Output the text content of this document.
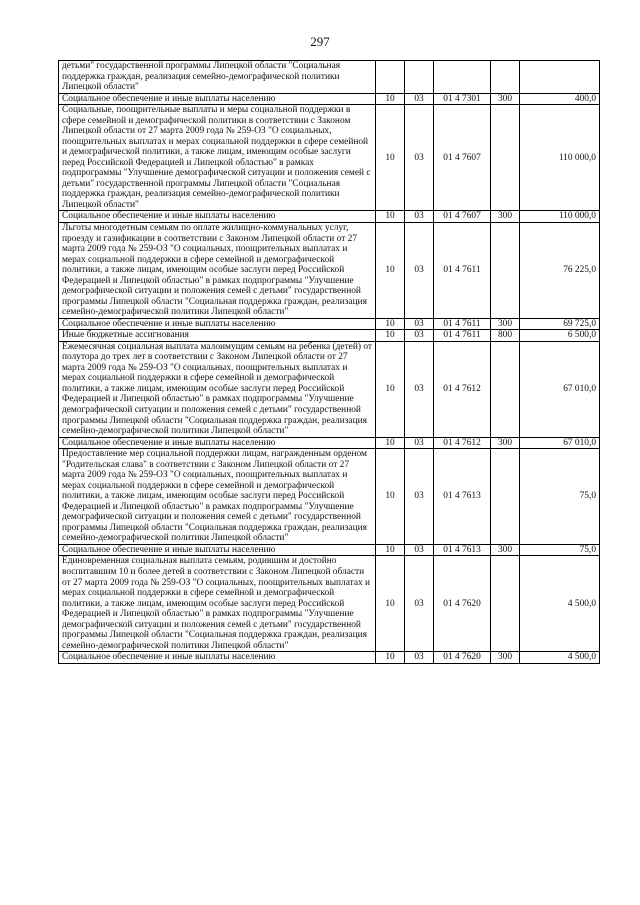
297
детьми" государственной программы Липецкой области "Социальная поддержка граждан, реализация семейно-демографической политики Липецкой области"					
Социальное обеспечение и иные выплаты населению	10	03	01 4 7301	300	400,0
Социальные, поощрительные выплаты и меры социальной поддержки в сфере семейной и демографической политики в соответствии с Законом Липецкой области от 27 марта 2009 года № 259-ОЗ "О социальных, поощрительных выплатах и мерах социальной поддержки в сфере семейной и демографической политики, а также лицам, имеющим особые заслуги перед Российской Федерацией и Липецкой областью" в рамках подпрограммы "Улучшение демографической ситуации и положения семей с детьми" государственной программы Липецкой области "Социальная поддержка граждан, реализация семейно-демографической политики Липецкой области"	10	03	01 4 7607		110 000,0
Социальное обеспечение и иные выплаты населению	10	03	01 4 7607	300	110 000,0
Льготы многодетным семьям по оплате жилищно-коммунальных услуг, проезду и газификации в соответствии с Законом Липецкой области от 27 марта 2009 года № 259-ОЗ "О социальных, поощрительных выплатах и мерах социальной поддержки в сфере семейной и демографической политики, а также лицам, имеющим особые заслуги перед Российской Федерацией и Липецкой областью" в рамках подпрограммы "Улучшение демографической ситуации и положения семей с детьми" государственной программы Липецкой области "Социальная поддержка граждан, реализация семейно-демографической политики Липецкой области"	10	03	01 4 7611		76 225,0
Социальное обеспечение и иные выплаты населению	10	03	01 4 7611	300	69 725,0
Иные бюджетные ассигнования	10	03	01 4 7611	800	6 500,0
Ежемесячная социальная выплата малоимущим семьям на ребенка (детей) от полутора до трех лет в соответствии с Законом Липецкой области от 27 марта 2009 года № 259-ОЗ "О социальных, поощрительных выплатах и мерах социальной поддержки в сфере семейной и демографической политики, а также лицам, имеющим особые заслуги перед Российской Федерацией и Липецкой областью" в рамках подпрограммы "Улучшение демографической ситуации и положения семей с детьми" государственной программы Липецкой области "Социальная поддержка граждан, реализация семейно-демографической политики Липецкой области"	10	03	01 4 7612		67 010,0
Социальное обеспечение и иные выплаты населению	10	03	01 4 7612	300	67 010,0
Предоставление мер социальной поддержки лицам, награжденным орденом "Родительская слава" в соответствии с Законом Липецкой области от 27 марта 2009 года № 259-ОЗ "О социальных, поощрительных выплатах и мерах социальной поддержки в сфере семейной и демографической политики, а также лицам, имеющим особые заслуги перед Российской Федерацией и Липецкой областью" в рамках подпрограммы "Улучшение демографической ситуации и положения семей с детьми" государственной программы Липецкой области "Социальная поддержка граждан, реализация семейно-демографической политики Липецкой области"	10	03	01 4 7613		75,0
Социальное обеспечение и иные выплаты населению	10	03	01 4 7613	300	75,0
Единовременная социальная выплата семьям, родившим и достойно воспитавшим 10 и более детей в соответствии с Законом Липецкой области от 27 марта 2009 года № 259-ОЗ "О социальных, поощрительных выплатах и мерах социальной поддержки в сфере семейной и демографической политики, а также лицам, имеющим особые заслуги перед Российской Федерацией и Липецкой областью" в рамках подпрограммы "Улучшение демографической ситуации и положения семей с детьми" государственной программы Липецкой области "Социальная поддержка граждан, реализация семейно-демографической политики Липецкой области"	10	03	01 4 7620		4 500,0
Социальное обеспечение и иные выплаты населению	10	03	01 4 7620	300	4 500,0
